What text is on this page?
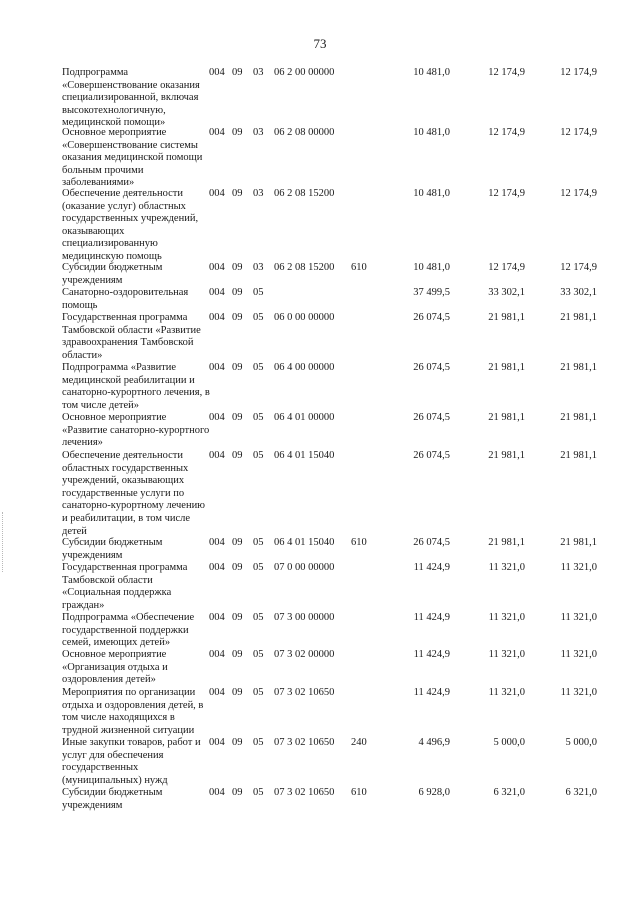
73
Подпрограмма «Совершенствование оказания специализированной, включая высокотехнологичную, медицинской помощи»
004 09 03 06 2 00 00000	10 481,0	12 174,9	12 174,9
Основное мероприятие «Совершенствование системы оказания медицинской помощи больным прочими заболеваниями»
004 09 03 06 2 08 00000	10 481,0	12 174,9	12 174,9
Обеспечение деятельности (оказание услуг) областных государственных учреждений, оказывающих специализированную медицинскую помощь
004 09 03 06 2 08 15200	10 481,0	12 174,9	12 174,9
Субсидии бюджетным учреждениям
004 09 03 06 2 08 15200 610	10 481,0	12 174,9	12 174,9
Санаторно-оздоровительная помощь
004 09 05	37 499,5	33 302,1	33 302,1
Государственная программа Тамбовской области «Развитие здравоохранения Тамбовской области»
004 09 05 06 0 00 00000	26 074,5	21 981,1	21 981,1
Подпрограмма «Развитие медицинской реабилитации и санаторно-курортного лечения, в том числе детей»
004 09 05 06 4 00 00000	26 074,5	21 981,1	21 981,1
Основное мероприятие «Развитие санаторно-курортного лечения»
004 09 05 06 4 01 00000	26 074,5	21 981,1	21 981,1
Обеспечение деятельности областных государственных учреждений, оказывающих государственные услуги по санаторно-курортному лечению и реабилитации, в том числе детей
004 09 05 06 4 01 15040	26 074,5	21 981,1	21 981,1
Субсидии бюджетным учреждениям
004 09 05 06 4 01 15040 610	26 074,5	21 981,1	21 981,1
Государственная программа Тамбовской области «Социальная поддержка граждан»
004 09 05 07 0 00 00000	11 424,9	11 321,0	11 321,0
Подпрограмма «Обеспечение государственной поддержки семей, имеющих детей»
004 09 05 07 3 00 00000	11 424,9	11 321,0	11 321,0
Основное мероприятие «Организация отдыха и оздоровления детей»
004 09 05 07 3 02 00000	11 424,9	11 321,0	11 321,0
Мероприятия по организации отдыха и оздоровления детей, в том числе находящихся в трудной жизненной ситуации
004 09 05 07 3 02 10650	11 424,9	11 321,0	11 321,0
Иные закупки товаров, работ и услуг для обеспечения государственных (муниципальных) нужд
004 09 05 07 3 02 10650 240	4 496,9	5 000,0	5 000,0
Субсидии бюджетным учреждениям
004 09 05 07 3 02 10650 610	6 928,0	6 321,0	6 321,0
